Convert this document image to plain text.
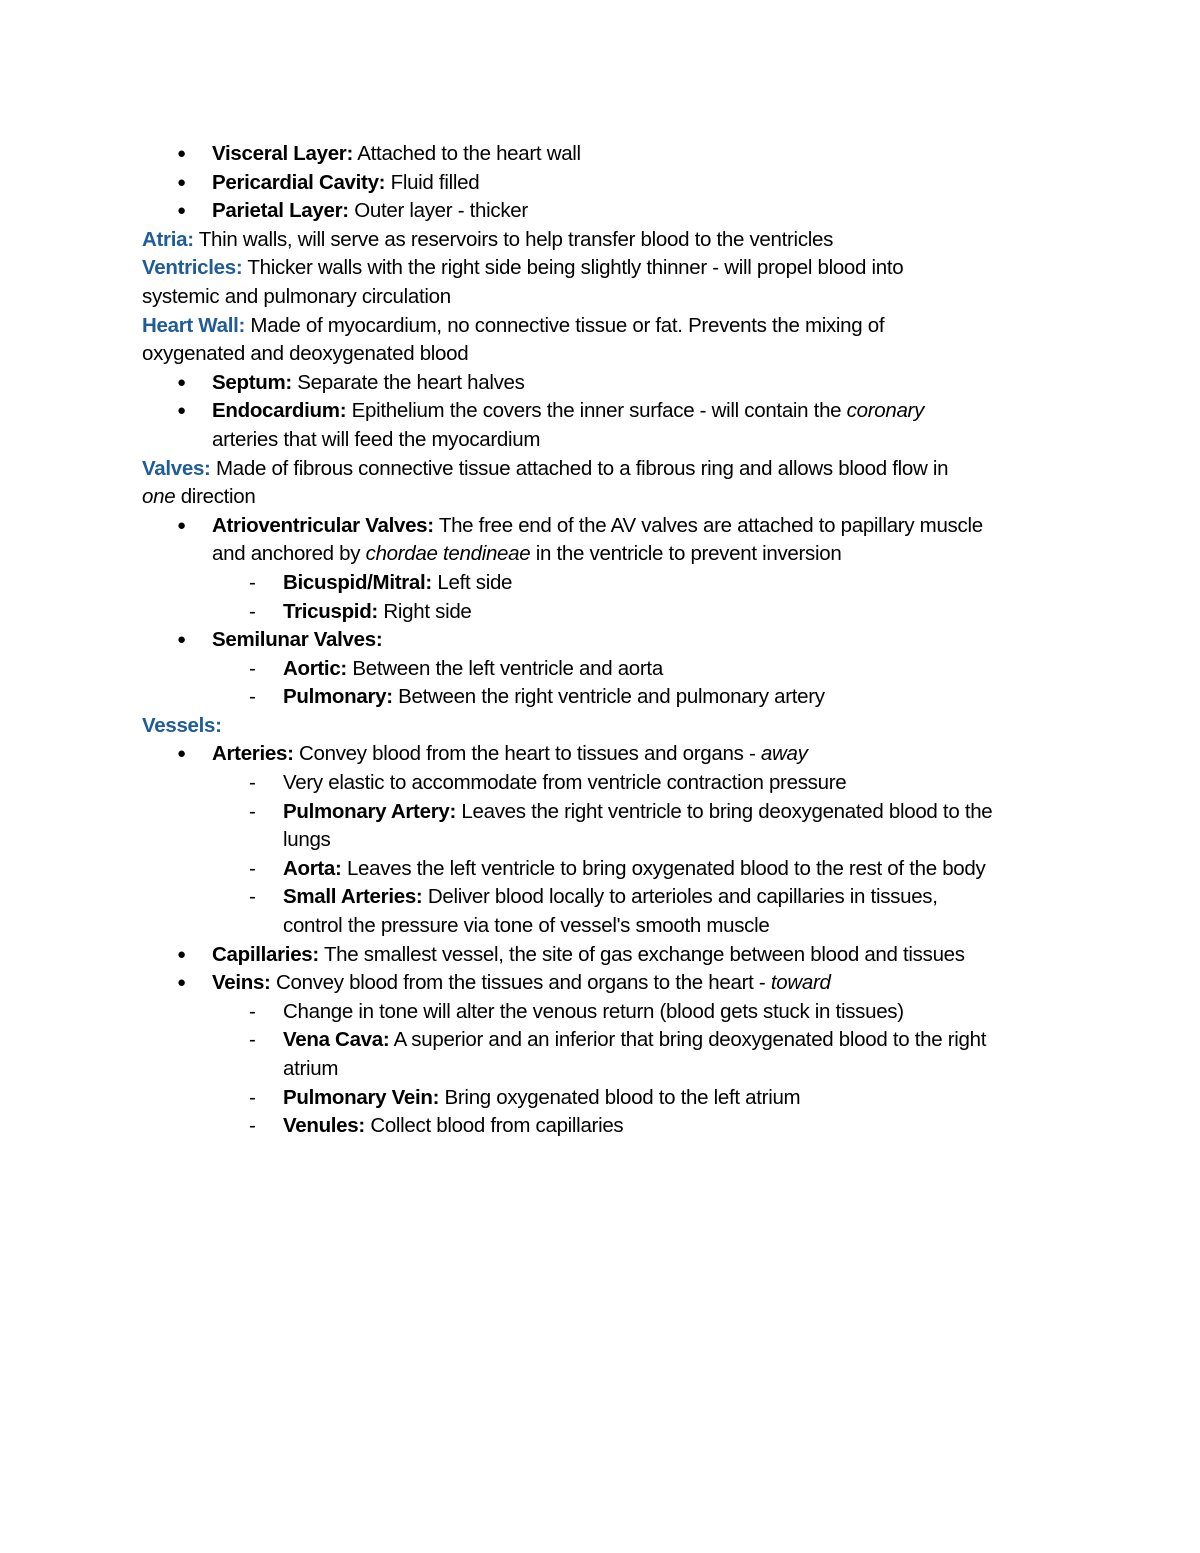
● Visceral Layer: Attached to the heart wall
● Pericardial Cavity: Fluid filled
● Parietal Layer: Outer layer - thicker
Atria: Thin walls, will serve as reservoirs to help transfer blood to the ventricles
Ventricles: Thicker walls with the right side being slightly thinner - will propel blood into
systemic and pulmonary circulation
Heart Wall: Made of myocardium, no connective tissue or fat. Prevents the mixing of
oxygenated and deoxygenated blood
● Septum: Separate the heart halves
● Endocardium: Epithelium the covers the inner surface - will contain the coronary
arteries that will feed the myocardium
Valves: Made of fibrous connective tissue attached to a fibrous ring and allows blood flow in
one direction
● Atrioventricular Valves: The free end of the AV valves are attached to papillary muscle
and anchored by chordae tendineae in the ventricle to prevent inversion
- Bicuspid/Mitral: Left side
- Tricuspid: Right side
● Semilunar Valves:
- Aortic: Between the left ventricle and aorta
- Pulmonary: Between the right ventricle and pulmonary artery
Vessels:
● Arteries: Convey blood from the heart to tissues and organs - away
- Very elastic to accommodate from ventricle contraction pressure
- Pulmonary Artery: Leaves the right ventricle to bring deoxygenated blood to the
lungs
- Aorta: Leaves the left ventricle to bring oxygenated blood to the rest of the body
- Small Arteries: Deliver blood locally to arterioles and capillaries in tissues,
control the pressure via tone of vessel's smooth muscle
● Capillaries: The smallest vessel, the site of gas exchange between blood and tissues
● Veins: Convey blood from the tissues and organs to the heart - toward
- Change in tone will alter the venous return (blood gets stuck in tissues)
- Vena Cava: A superior and an inferior that bring deoxygenated blood to the right
atrium
- Pulmonary Vein: Bring oxygenated blood to the left atrium
- Venules: Collect blood from capillaries
